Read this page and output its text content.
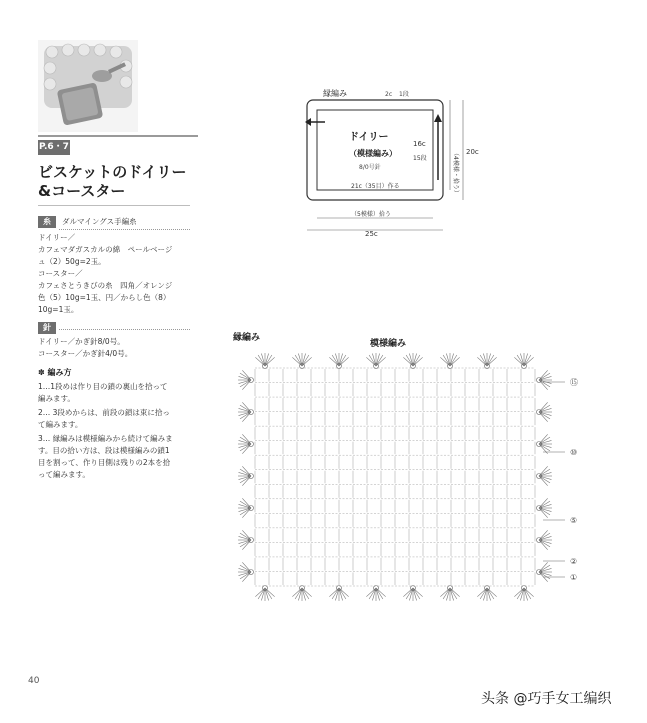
P.6・7
ビスケットのドイリー
&コースター
糸	ダルマイングス手編糸
ドイリー／
カフェマダガスカルの綿　ペールベージ
ュ（2）50g=2玉。
コースター／
カフェさとうきびの糸　四角／オレンジ
色（5）10g=1玉、円／からし色（8）
10g=1玉。
針
ドイリー／かぎ針8/0号。
コースター／かぎ針4/0号。
✽ 編み方
1…1段めは作り目の鎖の裏山を拾って
編みます。
2… 3段めからは、前段の鎖は束に拾っ
て編みます。
3… 縁編みは模様編みから続けて編みま
す。目の拾い方は、段は模様編みの鎖1
目を割って、作り目側は残りの2本を拾
って編みます。
縁編み	2c 1段
ドイリー
（模様編み）
8/0号針
16c
15段	（4模様・拾う） 20c
21c（35目）作る
（5模様）拾う
25c
縁編み
模様編み
⑮
⑩
⑤
②
①
40
头条 @巧手女工编织
